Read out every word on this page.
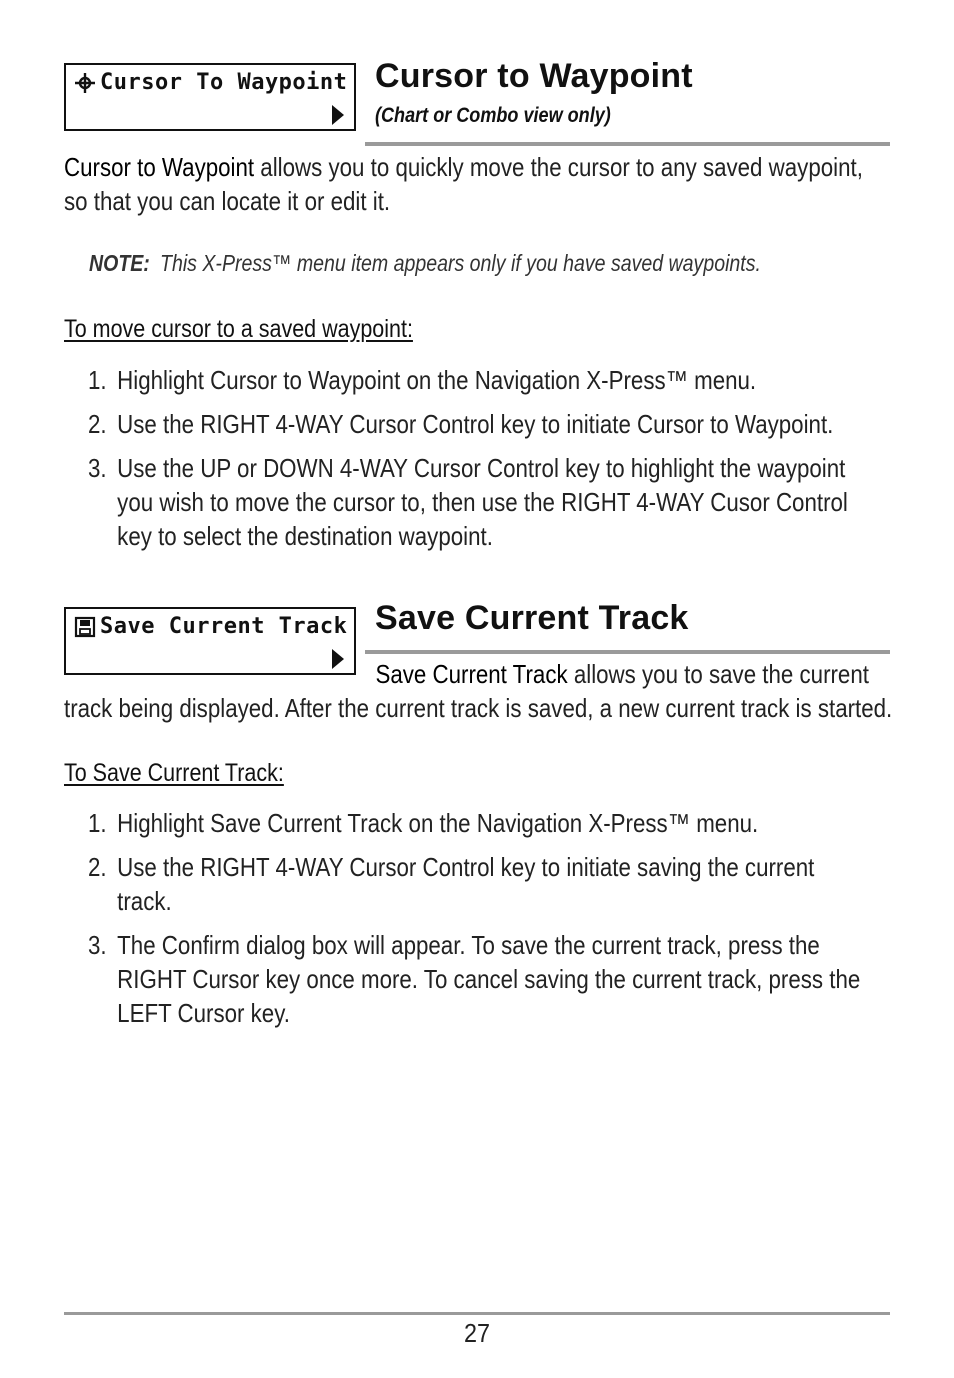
Cursor To Waypoint Cursor to Waypoint
(Chart or Combo view only)

Cursor to Waypoint allows you to quickly move the cursor to any saved waypoint, so that you can locate it or edit it.

NOTE: This X-Press™ menu item appears only if you have saved waypoints.
To move cursor to a saved waypoint:
1. Highlight Cursor to Waypoint on the Navigation X-Press™ menu.
2. Use the RIGHT 4-WAY Cursor Control key to initiate Cursor to Waypoint.
3. Use the UP or DOWN 4-WAY Cursor Control key to highlight the waypoint you wish to move the cursor to, then use the RIGHT 4-WAY Cusor Control key to select the destination waypoint.
Save Current Track Save Current Track

Save Current Track allows you to save the current track being displayed. After the current track is saved, a new current track is started.

To Save Current Track:
1. Highlight Save Current Track on the Navigation X-Press™ menu.
2. Use the RIGHT 4-WAY Cursor Control key to initiate saving the current track.
3. The Confirm dialog box will appear. To save the current track, press the RIGHT Cursor key once more. To cancel saving the current track, press the LEFT Cursor key.
27
